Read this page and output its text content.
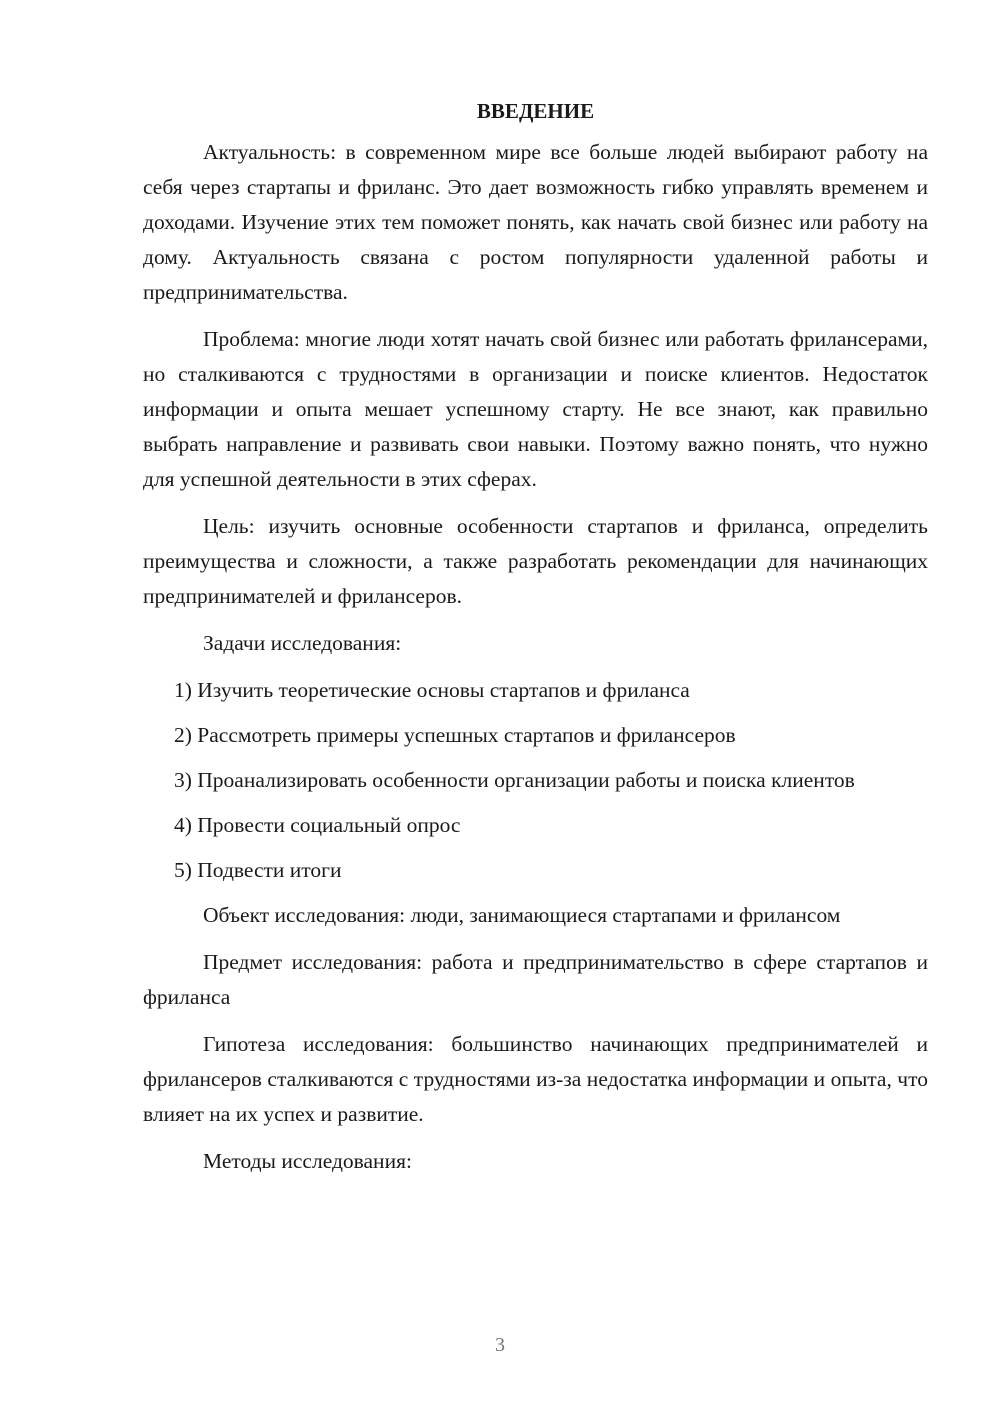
ВВЕДЕНИЕ

Актуальность: в современном мире все больше людей выбирают работу на себя через стартапы и фриланс. Это дает возможность гибко управлять временем и доходами. Изучение этих тем поможет понять, как начать свой бизнес или работу на дому. Актуальность связана с ростом популярности удаленной работы и предпринимательства.

Проблема: многие люди хотят начать свой бизнес или работать фрилансерами, но сталкиваются с трудностями в организации и поиске клиентов. Недостаток информации и опыта мешает успешному старту. Не все знают, как правильно выбрать направление и развивать свои навыки. Поэтому важно понять, что нужно для успешной деятельности в этих сферах.

Цель: изучить основные особенности стартапов и фриланса, определить преимущества и сложности, а также разработать рекомендации для начинающих предпринимателей и фрилансеров.

Задачи исследования:

1) Изучить теоретические основы стартапов и фриланса

2) Рассмотреть примеры успешных стартапов и фрилансеров

3) Проанализировать особенности организации работы и поиска клиентов

4) Провести социальный опрос

5) Подвести итоги

Объект исследования: люди, занимающиеся стартапами и фрилансом

Предмет исследования: работа и предпринимательство в сфере стартапов и фриланса

Гипотеза исследования: большинство начинающих предпринимателей и фрилансеров сталкиваются с трудностями из-за недостатка информации и опыта, что влияет на их успех и развитие.

Методы исследования:

3
